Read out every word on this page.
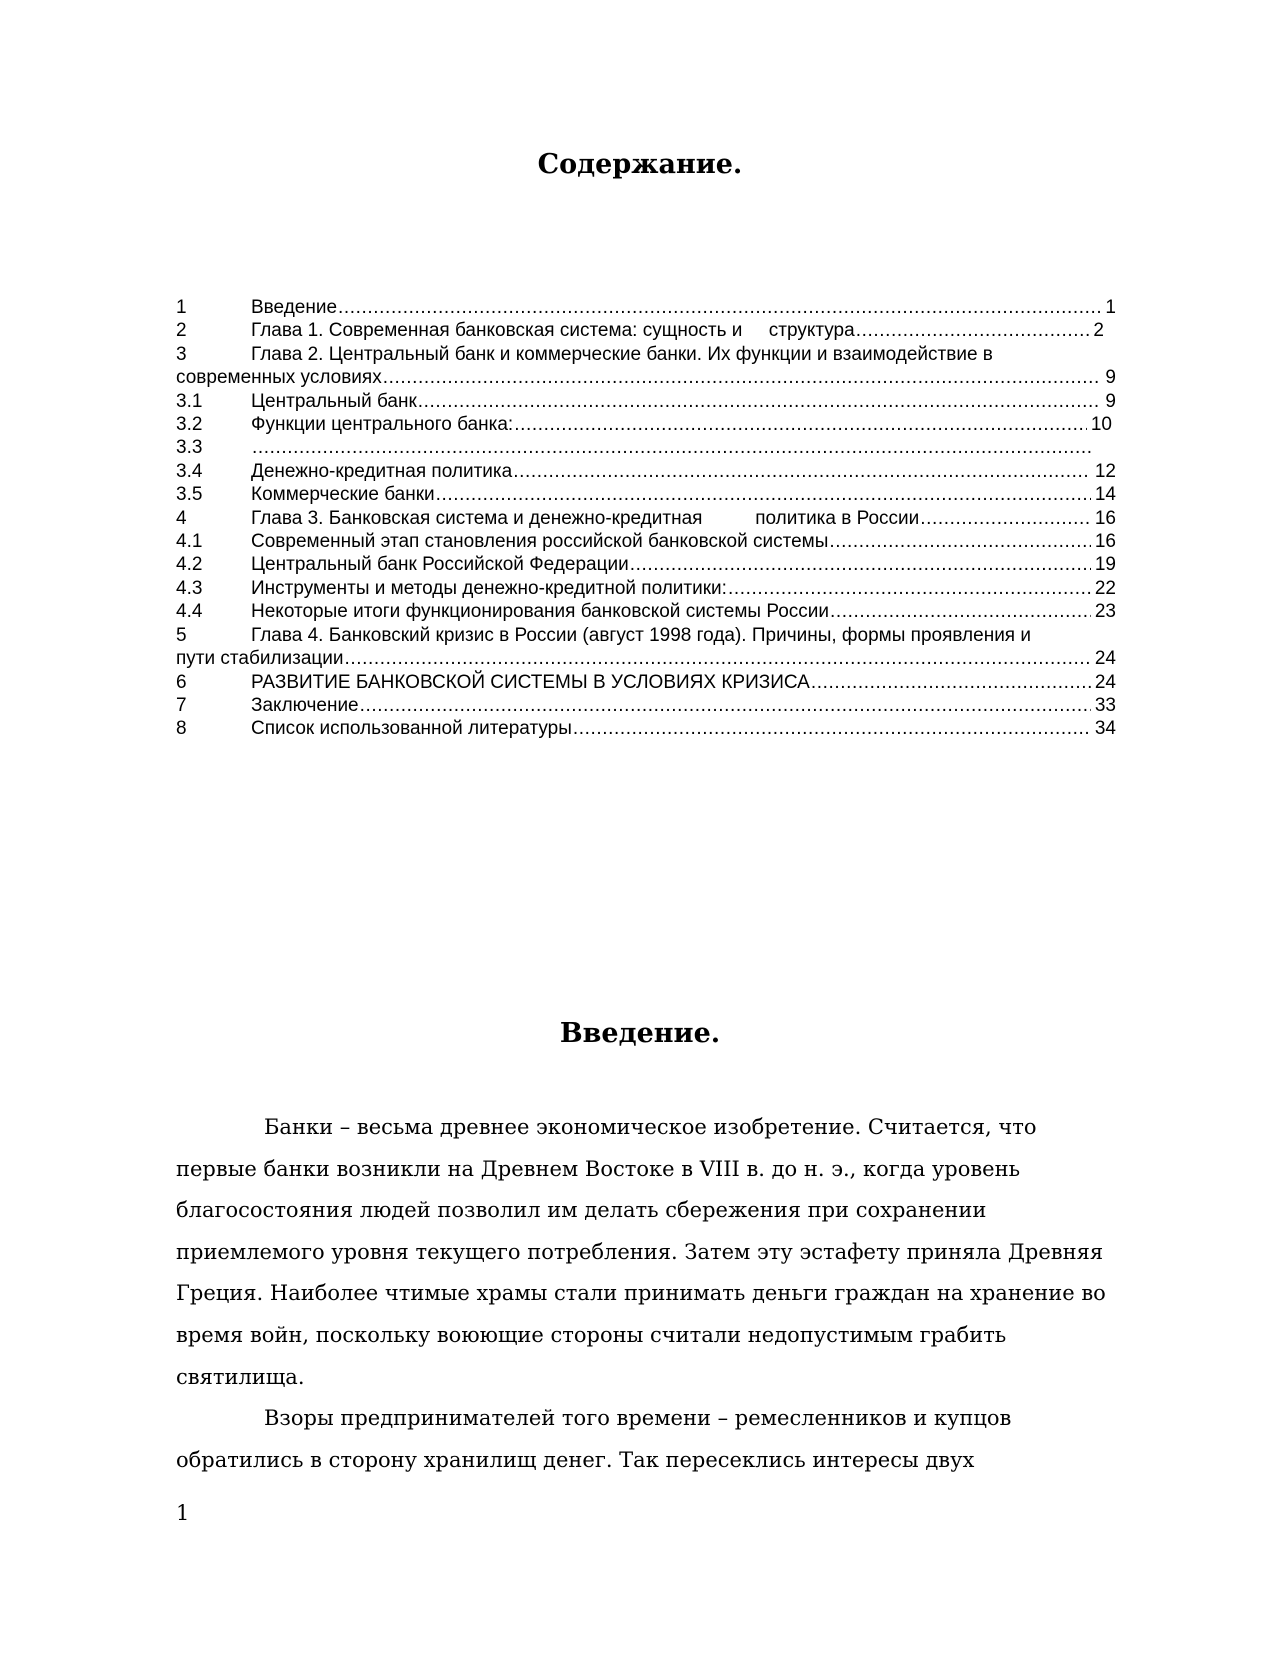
Содержание.
1	Введение .....	1
2	Глава 1. Современная банковская система: сущность и     структура .....	2
3	Глава 2. Центральный банк и коммерческие банки. Их функции и взаимодействие в
современных условиях .....	9
3.1	Центральный банк .....	9
3.2	Функции центрального банка: .....	10
3.3
.....
3.4	Денежно-кредитная политика .....	12
3.5	Коммерческие банки .....	14
4	Глава 3. Банковская система и денежно-кредитная          политика в России .....	16
4.1	Современный этап становления российской банковской системы .....	16
4.2	Центральный банк Российской Федерации .....	19
4.3	Инструменты и методы денежно-кредитной политики: .....	22
4.4	Некоторые итоги функционирования банковской системы России .....	23
5	Глава 4. Банковский кризис в России (август 1998 года). Причины, формы проявления и
пути стабилизации .....	24
6	РАЗВИТИЕ БАНКОВСКОЙ СИСТЕМЫ В УСЛОВИЯХ КРИЗИСА .....	24
7	Заключение .....	33
8	Список использованной литературы .....	34
Введение.

Банки – весьма древнее экономическое изобретение. Считается, что первые банки возникли на Древнем Востоке в VIII в. до н. э., когда уровень благосостояния людей позволил им делать сбережения при сохранении приемлемого уровня текущего потребления. Затем эту эстафету приняла Древняя Греция. Наиболее чтимые храмы стали принимать деньги граждан на хранение во время войн, поскольку воюющие стороны считали недопустимым грабить святилища.

Взоры предпринимателей того времени – ремесленников и купцов обратились в сторону хранилищ денег. Так пересеклись интересы двух

1
